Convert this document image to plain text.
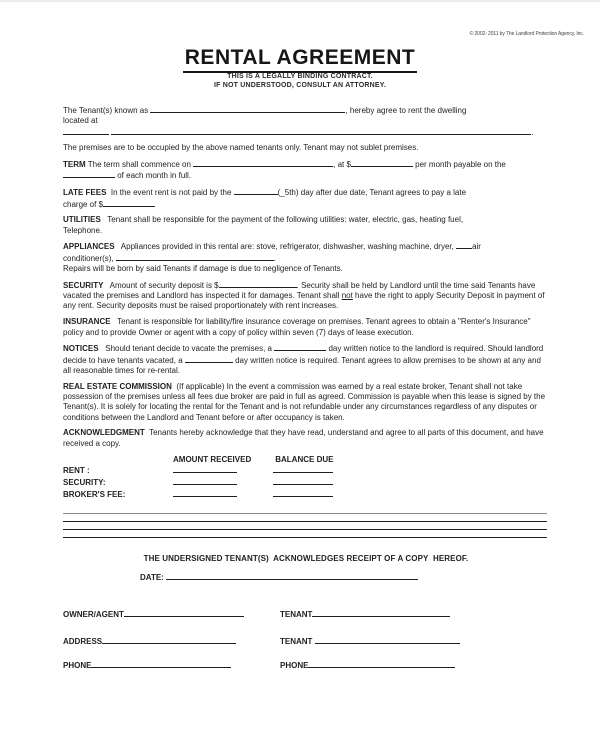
© 2002- 2011 by The Landlord Protection Agency, Inc.
RENTAL AGREEMENT
THIS IS A LEGALLY BINDING CONTRACT.
IF NOT UNDERSTOOD, CONSULT AN ATTORNEY.
The Tenant(s) known as	, hereby agree to rent the dwelling
located at
.
The premises are to be occupied by the above named tenants only. Tenant may not sublet premises.
TERM The term shall commence on	, at $	per month payable on the
of each month in full.
LATE FEES  In the event rent is not paid by the	(_5th) day after due date, Tenant agrees to pay a late
charge of $
UTILITIES   Tenant shall be responsible for the payment of the following utilities: water, electric, gas, heating fuel,
Telephone.
APPLIANCES   Appliances provided in this rental are: stove, refrigerator, dishwasher, washing machine, dryer, air
conditioner(s),	.
Repairs will be born by said Tenants if damage is due to negligence of Tenants.
SECURITY   Amount of security deposit is $	. Security shall be held by Landlord until the time said Tenants have vacated the premises and Landlord has inspected it for damages. Tenant shall not have the right to apply Security Deposit in payment of any rent. Security deposits must be raised proportionately with rent increases.
INSURANCE   Tenant is responsible for liability/fire insurance coverage on premises. Tenant agrees to obtain a "Renter's Insurance" policy and to provide Owner or agent with a copy of policy within seven (7) days of lease execution.
NOTICES   Should tenant decide to vacate the premises, a	day written notice to the landlord is required. Should landlord decide to have tenants vacated, a	day written notice is required. Tenant agrees to allow premises to be shown at any and all reasonable times for re-rental.
REAL ESTATE COMMISSION  (If applicable) In the event a commission was earned by a real estate broker, Tenant shall not take possession of the premises unless all fees due broker are paid in full as agreed. Commission is payable when this lease is signed by the Tenant(s). It is solely for locating the rental for the Tenant and is not refundable under any circumstances regardless of any disputes or conditions between the Landlord and Tenant before or after occupancy is taken.
ACKNOWLEDGMENT  Tenants hereby acknowledge that they have read, understand and agree to all parts of this document, and have received a copy.
AMOUNT RECEIVED	BALANCE DUE
RENT :
SECURITY:
BROKER'S FEE:
THE UNDERSIGNED TENANT(S)  ACKNOWLEDGES RECEIPT OF A COPY  HEREOF.
DATE:
OWNER/AGENT	TENANT
ADDRESS	TENANT
PHONE	PHONE
